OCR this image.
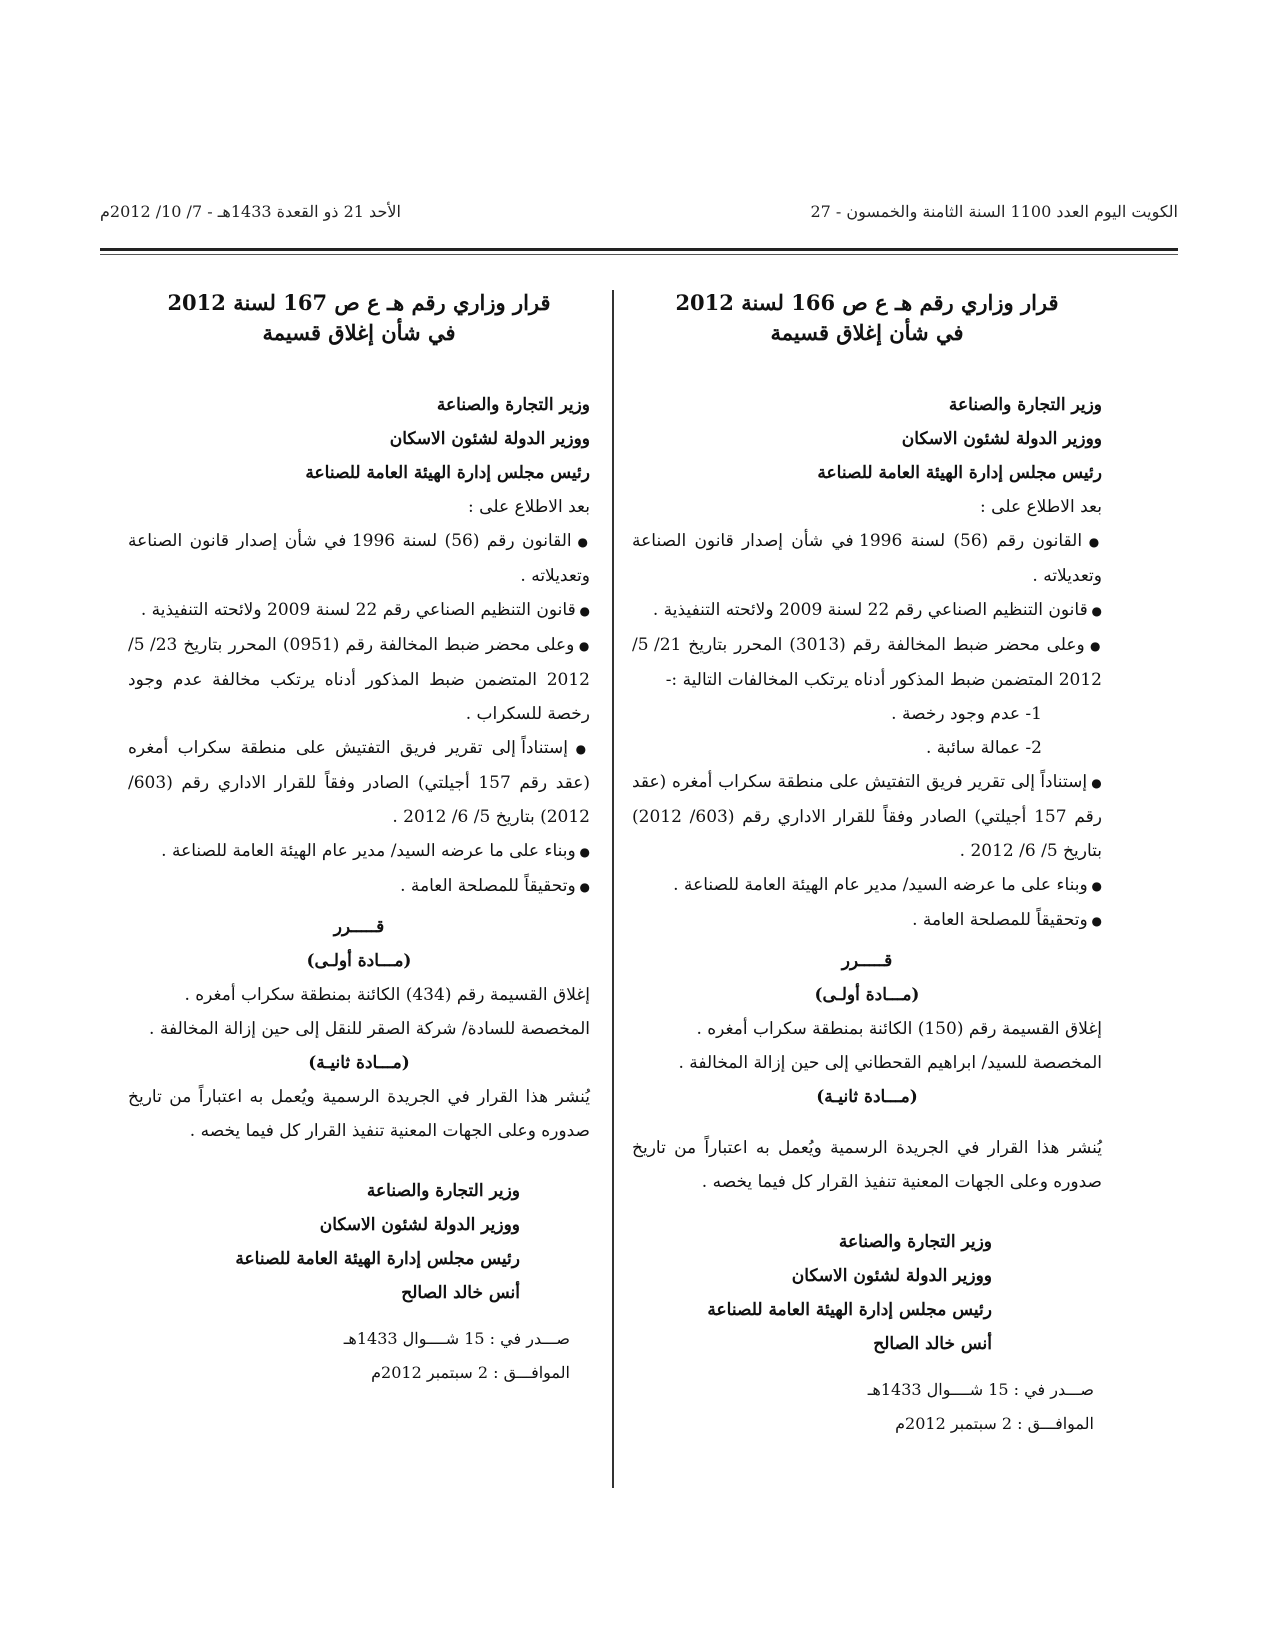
الكويت اليوم العدد 1100 السنة الثامنة والخمسون - 27
الأحد 21 ذو القعدة 1433هـ - 7/ 10/ 2012م
قرار وزاري رقم هـ ع ص 166 لسنة 2012
في شأن إغلاق قسيمة
وزير التجارة والصناعة
ووزير الدولة لشئون الاسكان
رئيس مجلس إدارة الهيئة العامة للصناعة

بعد الاطلاع على :

● القانون رقم (56) لسنة 1996 في شأن إصدار قانون الصناعة وتعديلاته .

● قانون التنظيم الصناعي رقم 22 لسنة 2009 ولائحته التنفيذية .

● وعلى محضر ضبط المخالفة رقم (3013) المحرر بتاريخ 21/ 5/ 2012 المتضمن ضبط المذكور أدناه يرتكب المخالفات التالية :-

1- عدم وجود رخصة .

2- عمالة سائبة .

● إستناداً إلى تقرير فريق التفتيش على منطقة سكراب أمغره (عقد رقم 157 أجيلتي) الصادر وفقاً للقرار الاداري رقم (603/ 2012) بتاريخ 5/ 6/ 2012 .

● وبناء على ما عرضه السيد/ مدير عام الهيئة العامة للصناعة .

● وتحقيقاً للمصلحة العامة .

قـــــرر

(مـــادة أولـى)

إغلاق القسيمة رقم (150) الكائنة بمنطقة سكراب أمغره .

المخصصة للسيد/ ابراهيم القحطاني إلى حين إزالة المخالفة .

(مـــادة ثانيـة)

يُنشر هذا القرار في الجريدة الرسمية ويُعمل به اعتباراً من تاريخ صدوره وعلى الجهات المعنية تنفيذ القرار كل فيما يخصه .

وزير التجارة والصناعة
ووزير الدولة لشئون الاسكان
رئيس مجلس إدارة الهيئة العامة للصناعة
أنس خالد الصالح
صـــدر في : 15 شــــوال 1433هـ
الموافـــق : 2 سبتمبر 2012م
قرار وزاري رقم هـ ع ص 167 لسنة 2012
في شأن إغلاق قسيمة
وزير التجارة والصناعة
ووزير الدولة لشئون الاسكان
رئيس مجلس إدارة الهيئة العامة للصناعة

بعد الاطلاع على :

● القانون رقم (56) لسنة 1996 في شأن إصدار قانون الصناعة وتعديلاته .

● قانون التنظيم الصناعي رقم 22 لسنة 2009 ولائحته التنفيذية .

● وعلى محضر ضبط المخالفة رقم (0951) المحرر بتاريخ 23/ 5/ 2012 المتضمن ضبط المذكور أدناه يرتكب مخالفة عدم وجود رخصة للسكراب .

● إستناداً إلى تقرير فريق التفتيش على منطقة سكراب أمغره (عقد رقم 157 أجيلتي) الصادر وفقاً للقرار الاداري رقم (603/ 2012) بتاريخ 5/ 6/ 2012 .

● وبناء على ما عرضه السيد/ مدير عام الهيئة العامة للصناعة .

● وتحقيقاً للمصلحة العامة .

قـــــرر

(مـــادة أولـى)

إغلاق القسيمة رقم (434) الكائنة بمنطقة سكراب أمغره .

المخصصة للسادة/ شركة الصقر للنقل إلى حين إزالة المخالفة .

(مـــادة ثانيـة)

يُنشر هذا القرار في الجريدة الرسمية ويُعمل به اعتباراً من تاريخ صدوره وعلى الجهات المعنية تنفيذ القرار كل فيما يخصه .

وزير التجارة والصناعة
ووزير الدولة لشئون الاسكان
رئيس مجلس إدارة الهيئة العامة للصناعة
أنس خالد الصالح
صـــدر في : 15 شــــوال 1433هـ
الموافـــق : 2 سبتمبر 2012م
